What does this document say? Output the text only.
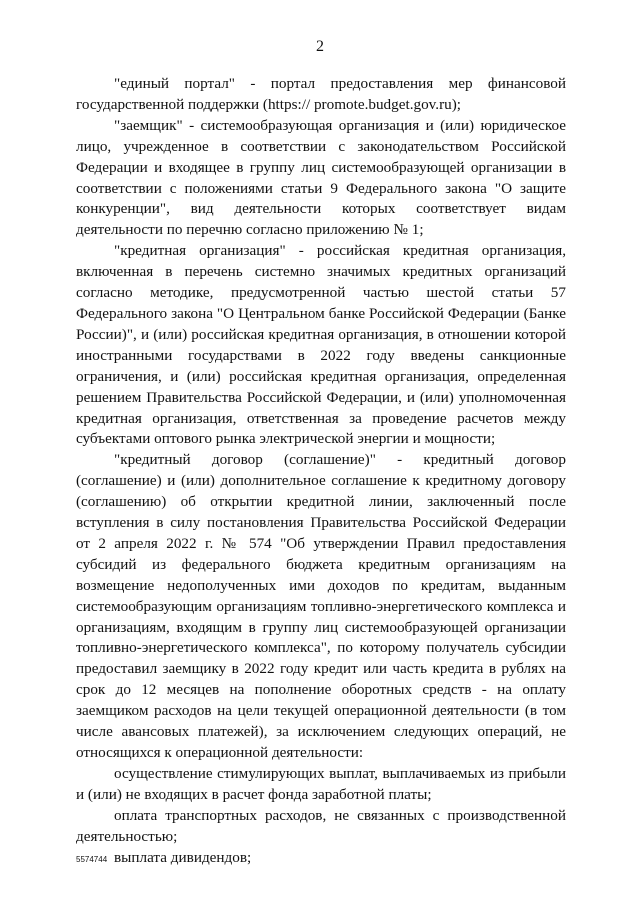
2

"единый портал" - портал предоставления мер финансовой государственной поддержки (https:// promote.budget.gov.ru);

"заемщик" - системообразующая организация и (или) юридическое лицо, учрежденное в соответствии с законодательством Российской Федерации и входящее в группу лиц системообразующей организации в соответствии с положениями статьи 9 Федерального закона "О защите конкуренции", вид деятельности которых соответствует видам деятельности по перечню согласно приложению № 1;

"кредитная организация" - российская кредитная организация, включенная в перечень системно значимых кредитных организаций согласно методике, предусмотренной частью шестой статьи 57 Федерального закона "О Центральном банке Российской Федерации (Банке России)", и (или) российская кредитная организация, в отношении которой иностранными государствами в 2022 году введены санкционные ограничения, и (или) российская кредитная организация, определенная решением Правительства Российской Федерации, и (или) уполномоченная кредитная организация, ответственная за проведение расчетов между субъектами оптового рынка электрической энергии и мощности;

"кредитный договор (соглашение)" - кредитный договор (соглашение) и (или) дополнительное соглашение к кредитному договору (соглашению) об открытии кредитной линии, заключенный после вступления в силу постановления Правительства Российской Федерации от 2 апреля 2022 г. № 574 "Об утверждении Правил предоставления субсидий из федерального бюджета кредитным организациям на возмещение недополученных ими доходов по кредитам, выданным системообразующим организациям топливно-энергетического комплекса и организациям, входящим в группу лиц системообразующей организации топливно-энергетического комплекса", по которому получатель субсидии предоставил заемщику в 2022 году кредит или часть кредита в рублях на срок до 12 месяцев на пополнение оборотных средств - на оплату заемщиком расходов на цели текущей операционной деятельности (в том числе авансовых платежей), за исключением следующих операций, не относящихся к операционной деятельности:

осуществление стимулирующих выплат, выплачиваемых из прибыли и (или) не входящих в расчет фонда заработной платы;

оплата транспортных расходов, не связанных с производственной деятельностью;

выплата дивидендов;

5574744
